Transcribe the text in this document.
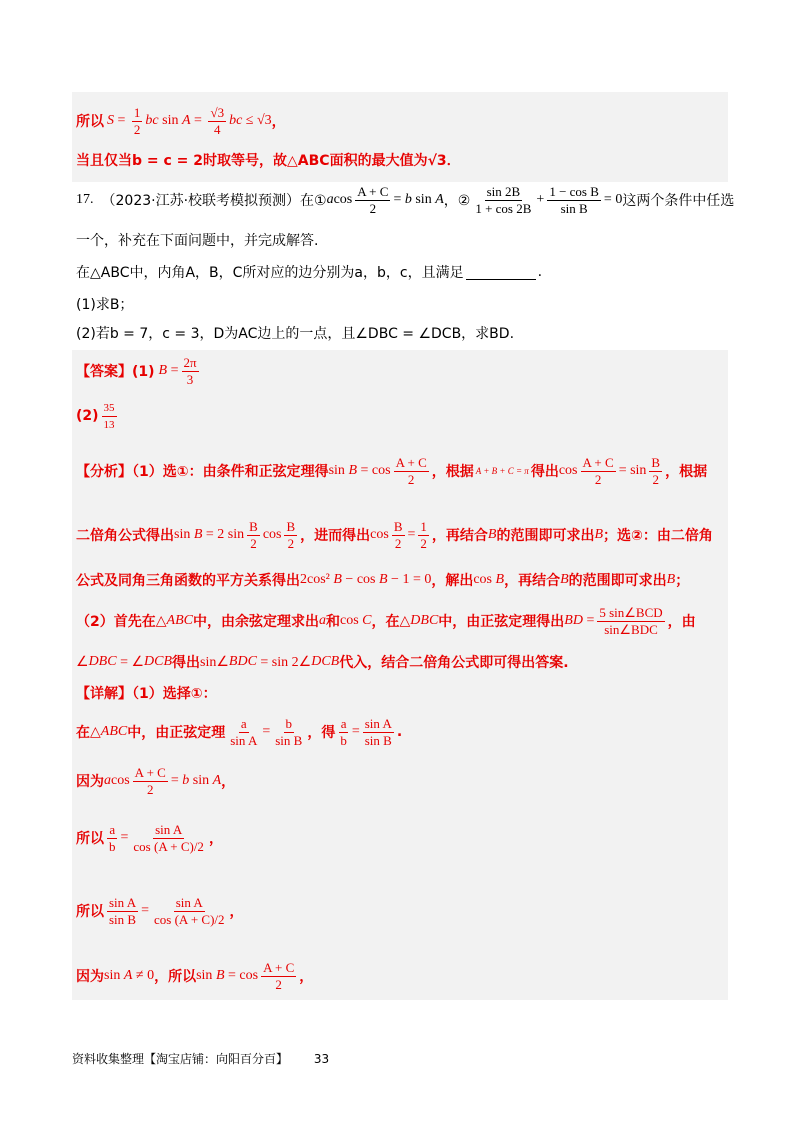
所以 $S = \frac{1}{2}$ bc $\sin A = \frac{√3}{4}$ bc ≤ √3 ，
当且仅当b = c = 2时取等号，故△ABC面积的最大值为√3．
17. （2023·江苏·校联考模拟预测）在① a $\cos \frac{A + C}{2} = b$ sin A ，② $\frac{\sin 2B}{1 + \cos 2B} + \frac{\text{1 − cos B}}{\text{sin B}} = 0$ 这两个条件中任选
一个，补充在下面问题中，并完成解答.
在△ABC中，内角A，B，C所对应的边分别为a，b，c，且满足	.
(1)求B；
(2)若b = 7，c = 3，D为AC边上的一点，且∠DBC = ∠DCB，求BD.
【答案】(1) $B = \frac{2\pi}{3}$
$(2) \frac{35}{13}$
【分析】（1）选①：由条件和正弦定理得 $\sin B = \cos \frac{A + C}{2}$ ，根据 A + B + C = π 得出 $\cos \frac{A + C}{2} = \sin \frac{B}{2}$ ，根据
二倍角公式得出 sin B = 2 $\sin \frac{B}{2}$ $\cos \frac{B}{2}$ ，进而得出 $\cos \frac{B}{2} = \frac{1}{2}$ ，再结合 B 的范围即可求出 B ；选②：由二倍角
公式及同角三角函数的平方关系得出 2cos² B − cos B − 1 = 0 ，解出 cos B ，再结合 B 的范围即可求出 B ；
（2）首先在 △ ABC 中，由余弦定理求出 a 和 cos C ，在 △ DBC 中，由正弦定理得出 BD = $\frac{\text{5 sin∠BCD}}{\text{sin∠BDC}}$ ，由
∠ DBC = ∠ DCB 得出 sin∠ BDC = sin 2∠ DCB 代入，结合二倍角公式即可得出答案.
【详解】（1）选择①：
在 △ ABC 中，由正弦定理 $\frac{a}{\text{sin A}} = \frac{b}{\text{sin B}}$ ，得 $\frac{a}{b} = \frac{\text{sin A}}{\text{sin B}}$ .
因为 a $\cos \frac{A + C}{2} = b$ sin A ，
所以 $\frac{a}{b} = \frac{\text{sin A}}{\cos (A + C)/2}$ ，
所以 $\frac{\text{sin A}}{\text{sin B}} = \frac{\text{sin A}}{\cos (A + C)/2}$ ，
因为 sin A ≠ 0 ， 所以 $\sin B = \cos \frac{A + C}{2}$ ，
资料收集整理【淘宝店铺：向阳百分百】 33
